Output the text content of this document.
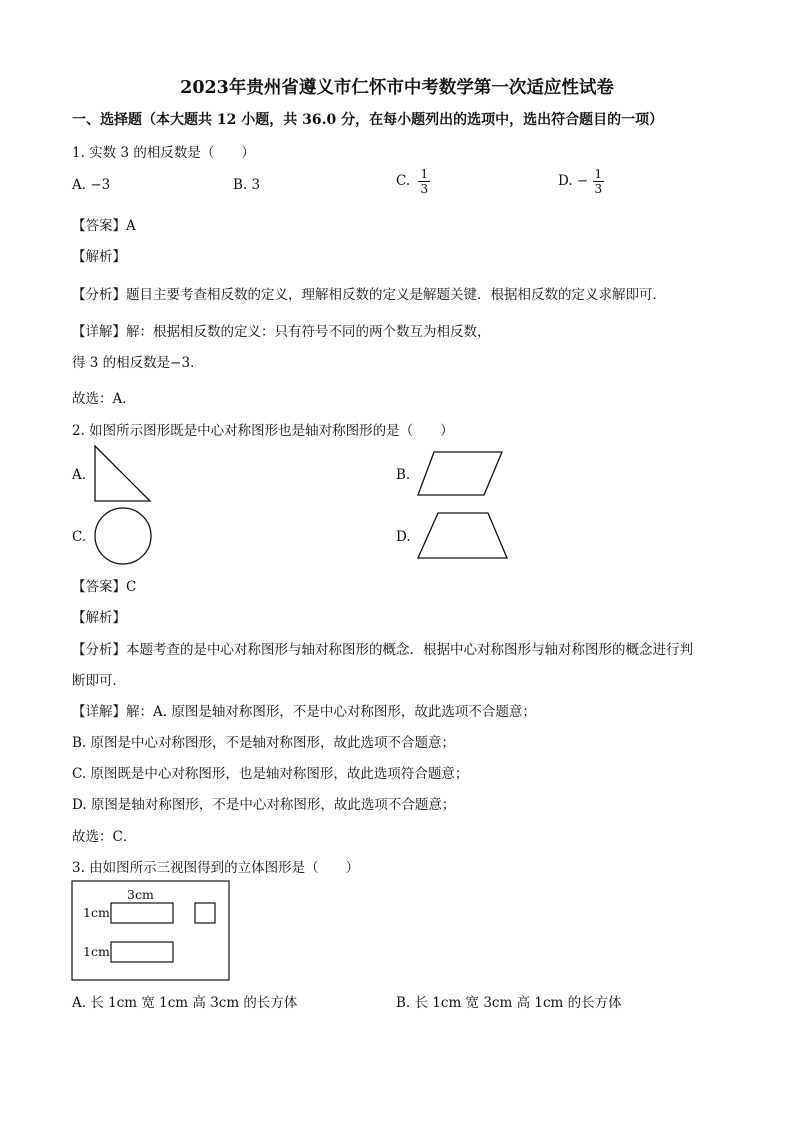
2023年贵州省遵义市仁怀市中考数学第一次适应性试卷
一、选择题（本大题共 12 小题，共 36.0 分，在每小题列出的选项中，选出符合题目的一项）
1. 实数 3 的相反数是（　　）
A. −3	B. 3	C. $\frac{1}{3}$	D. − $\frac{1}{3}$
【答案】A
【解析】
【分析】题目主要考查相反数的定义，理解相反数的定义是解题关键．根据相反数的定义求解即可．
【详解】解：根据相反数的定义：只有符号不同的两个数互为相反数，
得 3 的相反数是−3．
故选：A．
2. 如图所示图形既是中心对称图形也是轴对称图形的是（　　）
A.	B.
C.	D.
【答案】C
【解析】
【分析】本题考查的是中心对称图形与轴对称图形的概念．根据中心对称图形与轴对称图形的概念进行判
断即可．
【详解】解：A. 原图是轴对称图形，不是中心对称图形，故此选项不合题意；
B. 原图是中心对称图形，不是轴对称图形，故此选项不合题意；
C. 原图既是中心对称图形，也是轴对称图形，故此选项符合题意；
D. 原图是轴对称图形，不是中心对称图形，故此选项不合题意；
故选：C．
3. 由如图所示三视图得到的立体图形是（　　）
3cm
1cm
1cm
A. 长 1cm 宽 1cm 高 3cm 的长方体	B. 长 1cm 宽 3cm 高 1cm 的长方体
